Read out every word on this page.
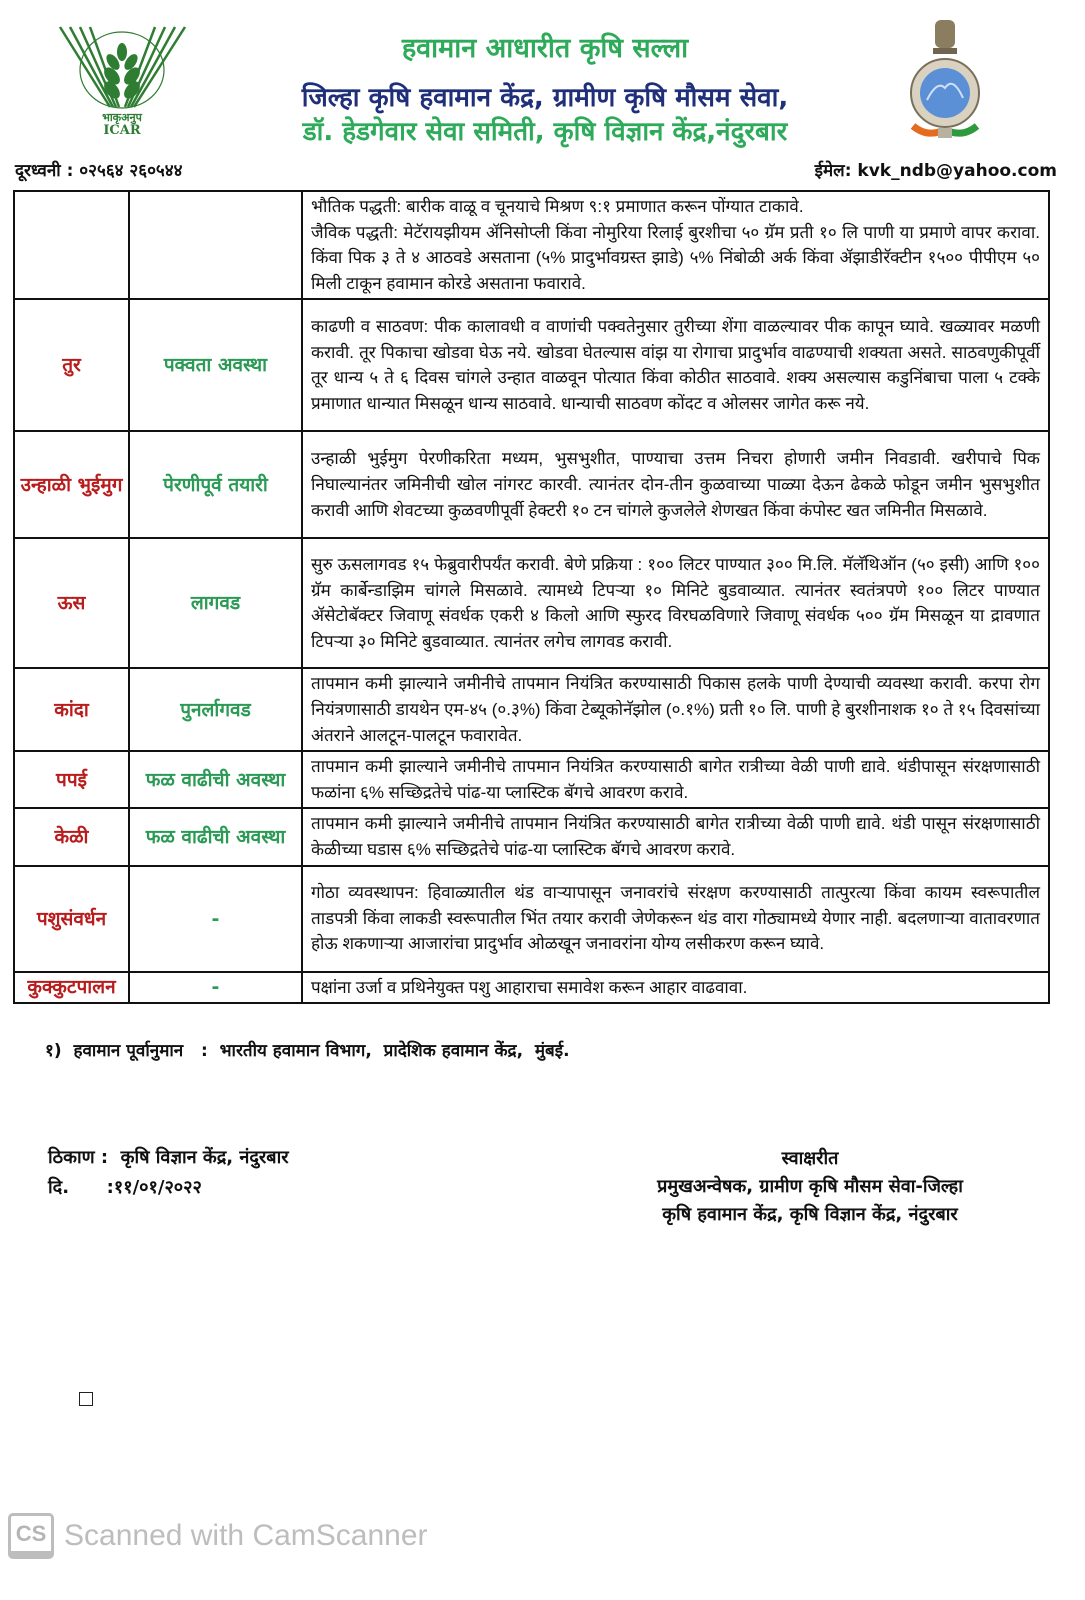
भाकृअनुप
ICAR
हवामान आधारीत कृषि सल्ला
जिल्हा कृषि हवामान केंद्र, ग्रामीण कृषि मौसम सेवा,
डॉ. हेडगेवार सेवा समिती, कृषि विज्ञान केंद्र,नंदुरबार
दूरध्वनी : ०२५६४ २६०५४४	ईमेल: kvk_ndb@yahoo.com

		भौतिक पद्धती: बारीक वाळू व चूनयाचे मिश्रण ९:१ प्रमाणात करून पोंग्यात टाकावे.
जैविक पद्धती: मेटॅरायझीयम ॲनिसोप्ली किंवा नोमुरिया रिलाई बुरशीचा ५० ग्रॅम प्रती १० लि पाणी या प्रमाणे वापर करावा. किंवा पिक ३ ते ४ आठवडे असताना (५% प्रादुर्भावग्रस्त झाडे) ५% निंबोळी अर्क किंवा ॲझाडीरॅक्टीन १५०० पीपीएम ५० मिली टाकून हवामान कोरडे असताना फवारावे.

तुर	पक्वता अवस्था	काढणी व साठवण: पीक कालावधी व वाणांची पक्वतेनुसार तुरीच्या शेंगा वाळल्यावर पीक कापून घ्यावे. खळ्यावर मळणी करावी. तूर पिकाचा खोडवा घेऊ नये. खोडवा घेतल्यास वांझ या रोगाचा प्रादुर्भाव वाढण्याची शक्यता असते. साठवणुकीपूर्वी तूर धान्य ५ ते ६ दिवस चांगले उन्हात वाळवून पोत्यात किंवा कोठीत साठवावे. शक्य असल्यास कडुनिंबाचा पाला ५ टक्के प्रमाणात धान्यात मिसळून धान्य साठवावे. धान्याची साठवण कोंदट व ओलसर जागेत करू नये.

उन्हाळी भुईमुग	पेरणीपूर्व तयारी	उन्हाळी भुईमुग पेरणीकरिता मध्यम, भुसभुशीत, पाण्याचा उत्तम निचरा होणारी जमीन निवडावी. खरीपाचे पिक निघाल्यानंतर जमिनीची खोल नांगरट कारवी. त्यानंतर दोन-तीन कुळवाच्या पाळ्या देऊन ढेकळे फोडून जमीन भुसभुशीत करावी आणि शेवटच्या कुळवणीपूर्वी हेक्टरी १० टन चांगले कुजलेले शेणखत किंवा कंपोस्ट खत जमिनीत मिसळावे.

ऊस	लागवड	सुरु ऊसलागवड १५ फेब्रुवारीपर्यंत करावी. बेणे प्रक्रिया : १०० लिटर पाण्यात ३०० मि.लि. मॅलॅथिऑन (५० इसी) आणि १०० ग्रॅम कार्बेन्डाझिम चांगले मिसळावे. त्यामध्ये टिपऱ्या १० मिनिटे बुडवाव्यात. त्यानंतर स्वतंत्रपणे १०० लिटर पाण्यात ॲसेटोबॅक्टर जिवाणू संवर्धक एकरी ४ किलो आणि स्फुरद विरघळविणारे जिवाणू संवर्धक ५०० ग्रॅम मिसळून या द्रावणात टिपऱ्या ३० मिनिटे बुडवाव्यात. त्यानंतर लगेच लागवड करावी.

कांदा	पुनर्लागवड	तापमान कमी झाल्याने जमीनीचे तापमान नियंत्रित करण्यासाठी पिकास हलके पाणी देण्याची व्यवस्था करावी. करपा रोग नियंत्रणासाठी डायथेन एम-४५ (०.३%) किंवा टेब्यूकोनॅझोल (०.१%) प्रती १० लि. पाणी हे बुरशीनाशक १० ते १५ दिवसांच्या अंतराने आलटून-पालटून फवारावेत.

पपई	फळ वाढीची अवस्था	तापमान कमी झाल्याने जमीनीचे तापमान नियंत्रित करण्यासाठी बागेत रात्रीच्या वेळी पाणी द्यावे. थंडीपासून संरक्षणासाठी फळांना ६% सच्छिद्रतेचे पांढ-या प्लास्टिक बॅगचे आवरण करावे.

केळी	फळ वाढीची अवस्था	तापमान कमी झाल्याने जमीनीचे तापमान नियंत्रित करण्यासाठी बागेत रात्रीच्या वेळी पाणी द्यावे. थंडी पासून संरक्षणासाठी केळीच्या घडास ६% सच्छिद्रतेचे पांढ-या प्लास्टिक बॅगचे आवरण करावे.

पशुसंवर्धन	-	गोठा व्यवस्थापन: हिवाळ्यातील थंड वाऱ्यापासून जनावरांचे संरक्षण करण्यासाठी तात्पुरत्या किंवा कायम स्वरूपातील ताडपत्री किंवा लाकडी स्वरूपातील भिंत तयार करावी जेणेकरून थंड वारा गोठ्यामध्ये येणार नाही. बदलणाऱ्या वातावरणात होऊ शकणाऱ्या आजारांचा प्रादुर्भाव ओळखून जनावरांना योग्य लसीकरण करून घ्यावे.

कुक्कुटपालन	-	पक्षांना उर्जा व प्रथिनेयुक्त पशु आहाराचा समावेश करून आहार वाढवावा.
१)  हवामान पूर्वानुमान   :  भारतीय हवामान विभाग,  प्रादेशिक हवामान केंद्र,  मुंबई.
ठिकाण :  कृषि विज्ञान केंद्र, नंदुरबार
दि.      :११/०१/२०२२
स्वाक्षरीत
प्रमुखअन्वेषक, ग्रामीण कृषि मौसम सेवा-जिल्हा
कृषि हवामान केंद्र, कृषि विज्ञान केंद्र, नंदुरबार
CS Scanned with CamScanner
